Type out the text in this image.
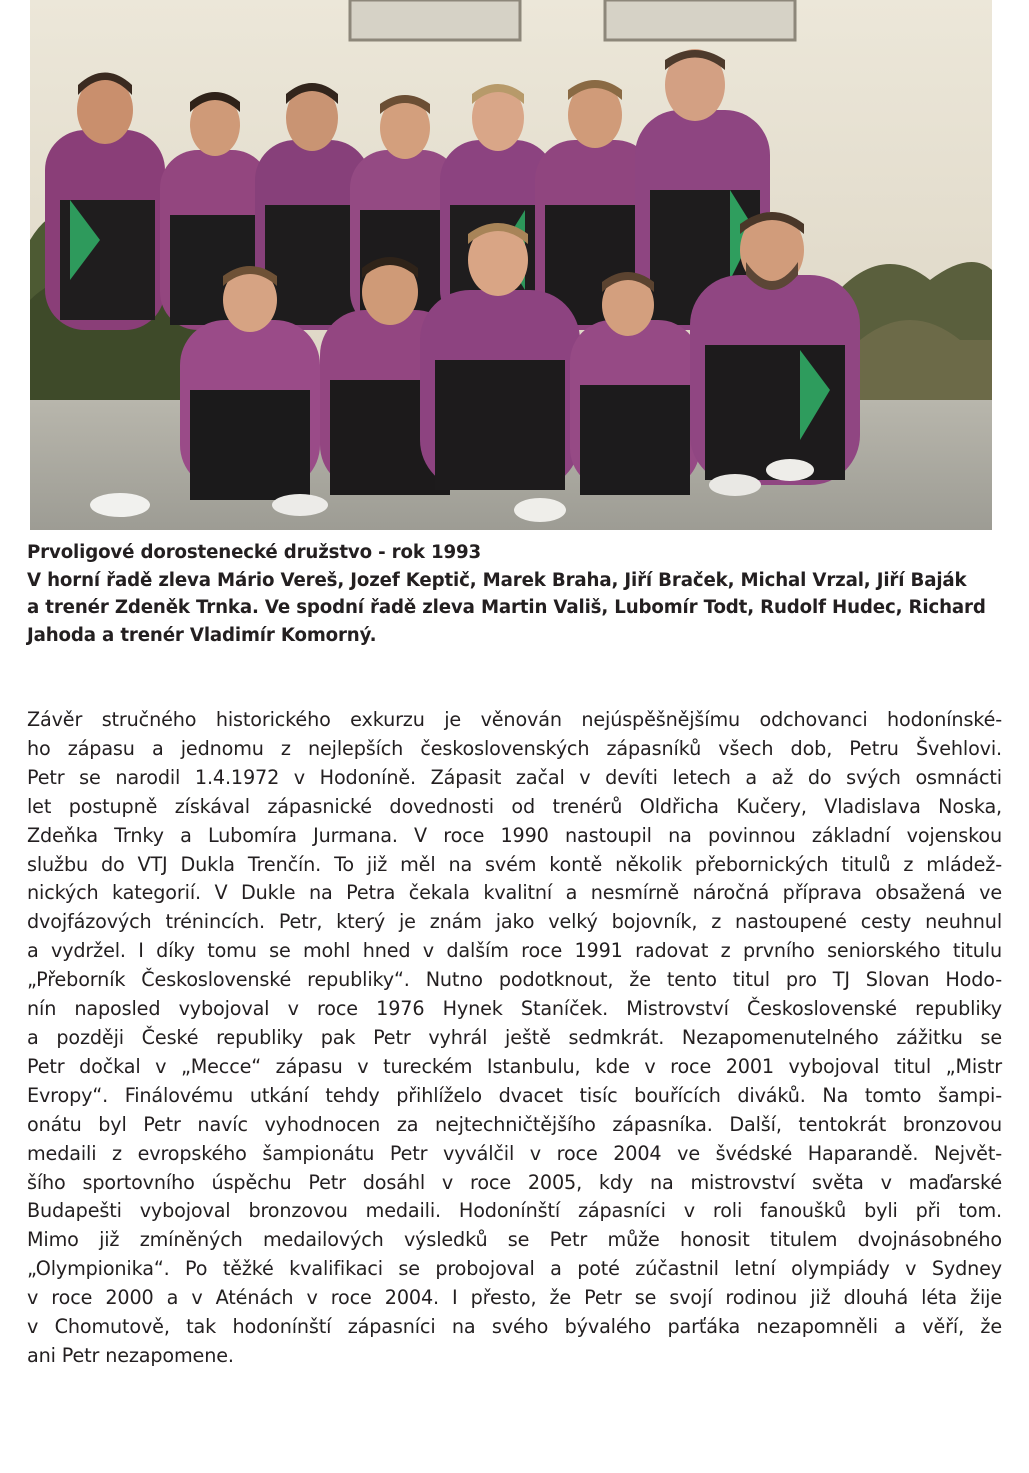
Prvoligové dorostenecké družstvo - rok 1993
V horní řadě zleva Mário Vereš, Jozef Keptič, Marek Braha, Jiří Braček, Michal Vrzal, Jiří Baják
a trenér Zdeněk Trnka. Ve spodní řadě zleva Martin Vališ, Lubomír Todt, Rudolf Hudec, Richard
Jahoda a trenér Vladimír Komorný.
Závěr stručného historického exkurzu je věnován nejúspěšnějšímu odchovanci hodonínské-
ho zápasu a jednomu z nejlepších československých zápasníků všech dob, Petru Švehlovi.
Petr se narodil 1.4.1972 v Hodoníně. Zápasit začal v devíti letech a až do svých osmnácti
let postupně získával zápasnické dovednosti od trenérů Oldřicha Kučery, Vladislava Noska,
Zdeňka Trnky a Lubomíra Jurmana. V roce 1990 nastoupil na povinnou základní vojenskou
službu do VTJ Dukla Trenčín. To již měl na svém kontě několik přebornických titulů z mládež-
nických kategorií. V Dukle na Petra čekala kvalitní a nesmírně náročná příprava obsažená ve
dvojfázových trénincích. Petr, který je znám jako velký bojovník, z nastoupené cesty neuhnul
a vydržel. I díky tomu se mohl hned v dalším roce 1991 radovat z prvního seniorského titulu
„Přeborník Československé republiky“. Nutno podotknout, že tento titul pro TJ Slovan Hodo-
nín naposled vybojoval v roce 1976 Hynek Staníček. Mistrovství Československé republiky
a později České republiky pak Petr vyhrál ještě sedmkrát. Nezapomenutelného zážitku se
Petr dočkal v „Mecce“ zápasu v tureckém Istanbulu, kde v roce 2001 vybojoval titul „Mistr
Evropy“. Finálovému utkání tehdy přihlíželo dvacet tisíc bouřících diváků. Na tomto šampi-
onátu byl Petr navíc vyhodnocen za nejtechničtějšího zápasníka. Další, tentokrát bronzovou
medaili z evropského šampionátu Petr vyválčil v roce 2004 ve švédské Haparandě. Největ-
šího sportovního úspěchu Petr dosáhl v roce 2005, kdy na mistrovství světa v maďarské
Budapešti vybojoval bronzovou medaili. Hodonínští zápasníci v roli fanoušků byli při tom.
Mimo již zmíněných medailových výsledků se Petr může honosit titulem dvojnásobného
„Olympionika“. Po těžké kvalifikaci se probojoval a poté zúčastnil letní olympiády v Sydney
v roce 2000 a v Aténách v roce 2004. I přesto, že Petr se svojí rodinou již dlouhá léta žije
v Chomutově, tak hodonínští zápasníci na svého bývalého parťáka nezapomněli a věří, že
ani Petr nezapomene.
